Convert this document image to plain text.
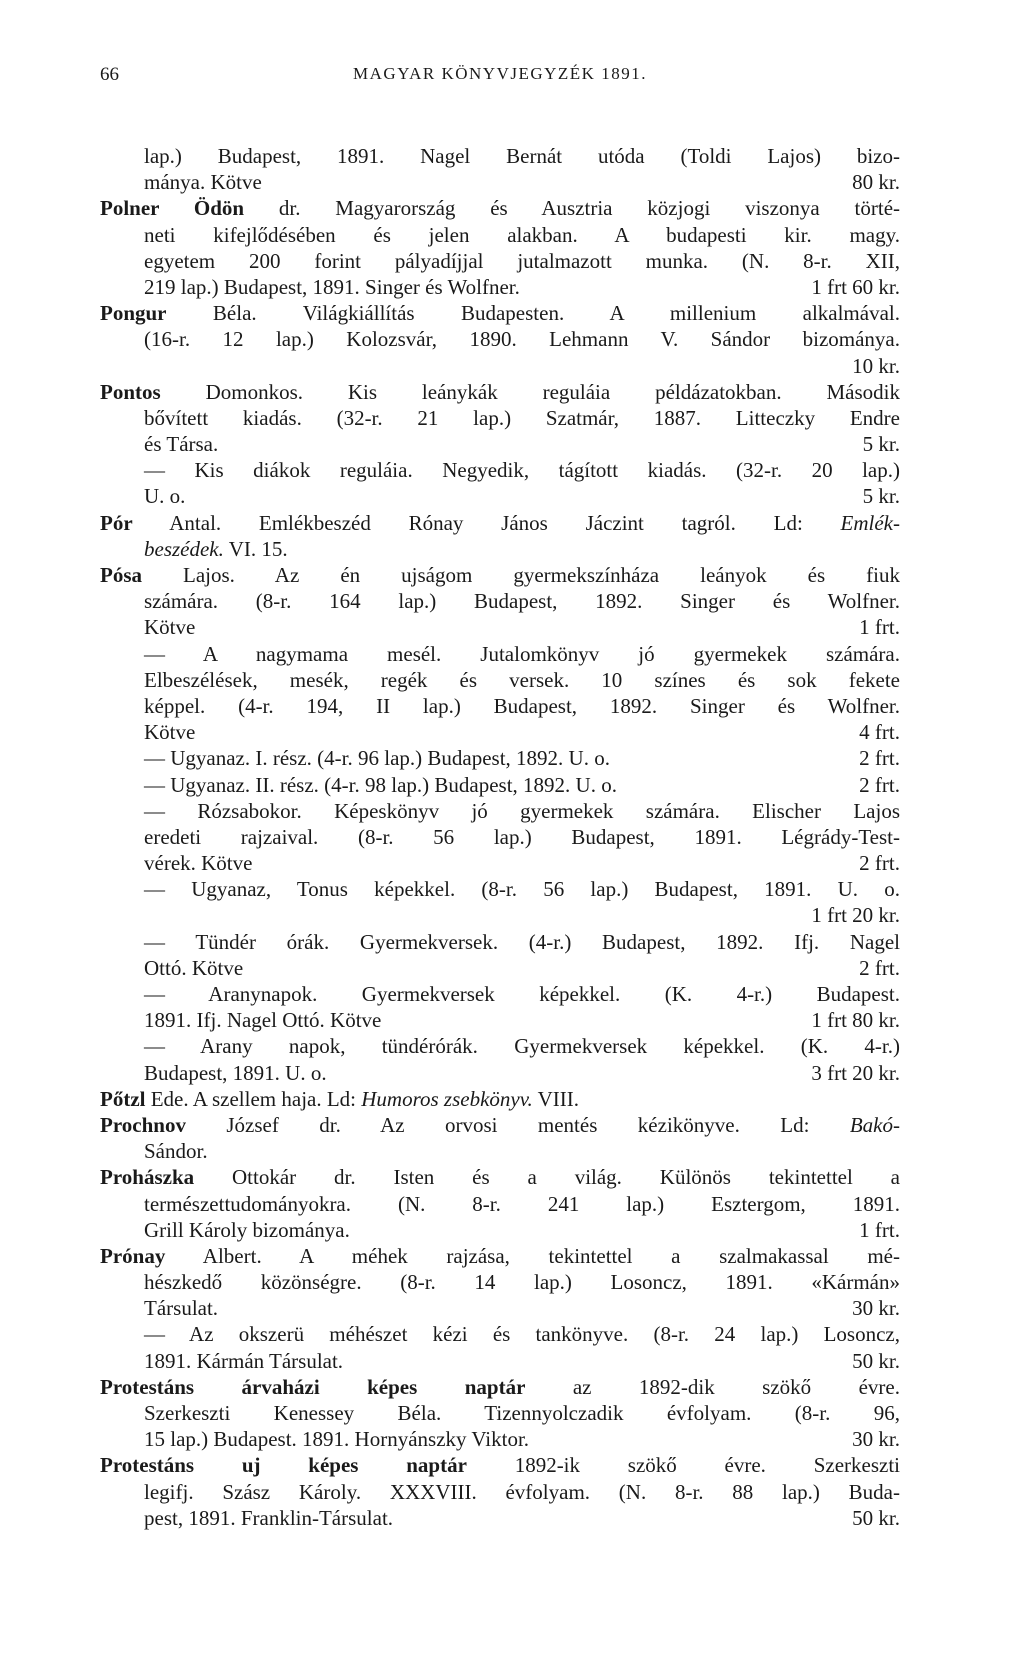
66	MAGYAR KÖNYVJEGYZÉK 1891.
lap.) Budapest, 1891. Nagel Bernát utóda (Toldi Lajos) bizo-
mánya. Kötve	80 kr.
Polner Ödön dr. Magyarország és Ausztria közjogi viszonya törté-
neti kifejlődésében és jelen alakban. A budapesti kir. magy.
egyetem 200 forint pályadíjjal jutalmazott munka. (N. 8-r. XII,
219 lap.) Budapest, 1891. Singer és Wolfner.	1 frt 60 kr.
Pongur Béla. Világkiállítás Budapesten. A millenium alkalmával.
(16-r. 12 lap.) Kolozsvár, 1890. Lehmann V. Sándor bizománya.
10 kr.
Pontos Domonkos. Kis leánykák reguláia példázatokban. Második
bővített kiadás. (32-r. 21 lap.) Szatmár, 1887. Litteczky Endre
és Társa.	5 kr.
— Kis diákok reguláia. Negyedik, tágított kiadás. (32-r. 20 lap.)
U. o.	5 kr.
Pór Antal. Emlékbeszéd Rónay János Jáczint tagról. Ld: Emlék-
beszédek. VI. 15.
Pósa Lajos. Az én ujságom gyermekszínháza leányok és fiuk
számára. (8-r. 164 lap.) Budapest, 1892. Singer és Wolfner.
Kötve	1 frt.
— A nagymama mesél. Jutalomkönyv jó gyermekek számára.
Elbeszélések, mesék, regék és versek. 10 színes és sok fekete
képpel. (4-r. 194, II lap.) Budapest, 1892. Singer és Wolfner.
Kötve	4 frt.
— Ugyanaz. I. rész. (4-r. 96 lap.) Budapest, 1892. U. o.	2 frt.
— Ugyanaz. II. rész. (4-r. 98 lap.) Budapest, 1892. U. o.	2 frt.
— Rózsabokor. Képeskönyv jó gyermekek számára. Elischer Lajos
eredeti rajzaival. (8-r. 56 lap.) Budapest, 1891. Légrády-Test-
vérek. Kötve	2 frt.
— Ugyanaz, Tonus képekkel. (8-r. 56 lap.) Budapest, 1891. U. o.
1 frt 20 kr.
— Tündér órák. Gyermekversek. (4-r.) Budapest, 1892. Ifj. Nagel
Ottó. Kötve	2 frt.
— Aranynapok. Gyermekversek képekkel. (K. 4-r.) Budapest.
1891. Ifj. Nagel Ottó. Kötve	1 frt 80 kr.
— Arany napok, tündérórák. Gyermekversek képekkel. (K. 4-r.)
Budapest, 1891. U. o.	3 frt 20 kr.
Pőtzl Ede. A szellem haja. Ld: Humoros zsebkönyv. VIII.
Prochnov József dr. Az orvosi mentés kézikönyve. Ld: Bakó-
Sándor.
Prohászka Ottokár dr. Isten és a világ. Különös tekintettel a
természettudományokra. (N. 8-r. 241 lap.) Esztergom, 1891.
Grill Károly bizománya.	1 frt.
Prónay Albert. A méhek rajzása, tekintettel a szalmakassal mé-
hészkedő közönségre. (8-r. 14 lap.) Losoncz, 1891. «Kármán»
Társulat.	30 kr.
— Az okszerü méhészet kézi és tankönyve. (8-r. 24 lap.) Losoncz,
1891. Kármán Társulat.	50 kr.
Protestáns árvaházi képes naptár az 1892-dik szökő évre.
Szerkeszti Kenessey Béla. Tizennyolczadik évfolyam. (8-r. 96,
15 lap.) Budapest. 1891. Hornyánszky Viktor.	30 kr.
Protestáns uj képes naptár 1892-ik szökő évre. Szerkeszti
legifj. Szász Károly. XXXVIII. évfolyam. (N. 8-r. 88 lap.) Buda-
pest, 1891. Franklin-Társulat.	50 kr.
